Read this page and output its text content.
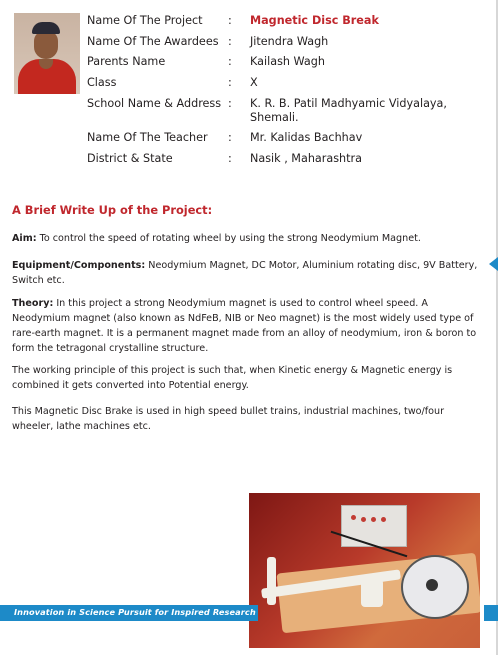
Name Of The Project	: Magnetic Disc Break
Name Of The Awardees : Jitendra Wagh
Parents Name	: Kailash Wagh
Class	: X
School Name & Address : K. R. B. Patil Madhyamic Vidyalaya, Shemali.
Name Of The Teacher	: Mr. Kalidas Bachhav
District & State	: Nasik , Maharashtra
A Brief Write Up of the Project:
Aim: To control the speed of rotating wheel by using the strong Neodymium Magnet.
Equipment/Components: Neodymium Magnet, DC Motor, Aluminium rotating disc, 9V Battery, Switch etc.
Theory: In this project a strong Neodymium magnet is used to control wheel speed. A Neodymium magnet (also known as NdFeB, NIB or Neo magnet) is the most widely used type of rare-earth magnet. It is a permanent magnet made from an alloy of neodymium, iron & boron to form the tetragonal crystalline structure.
The working principle of this project is such that, when Kinetic energy & Magnetic energy is combined it gets converted into Potential energy.
This Magnetic Disc Brake is used in high speed bullet trains, industrial machines, two/four wheeler, lathe machines etc.
Innovation in Science Pursuit for Inspired Research
